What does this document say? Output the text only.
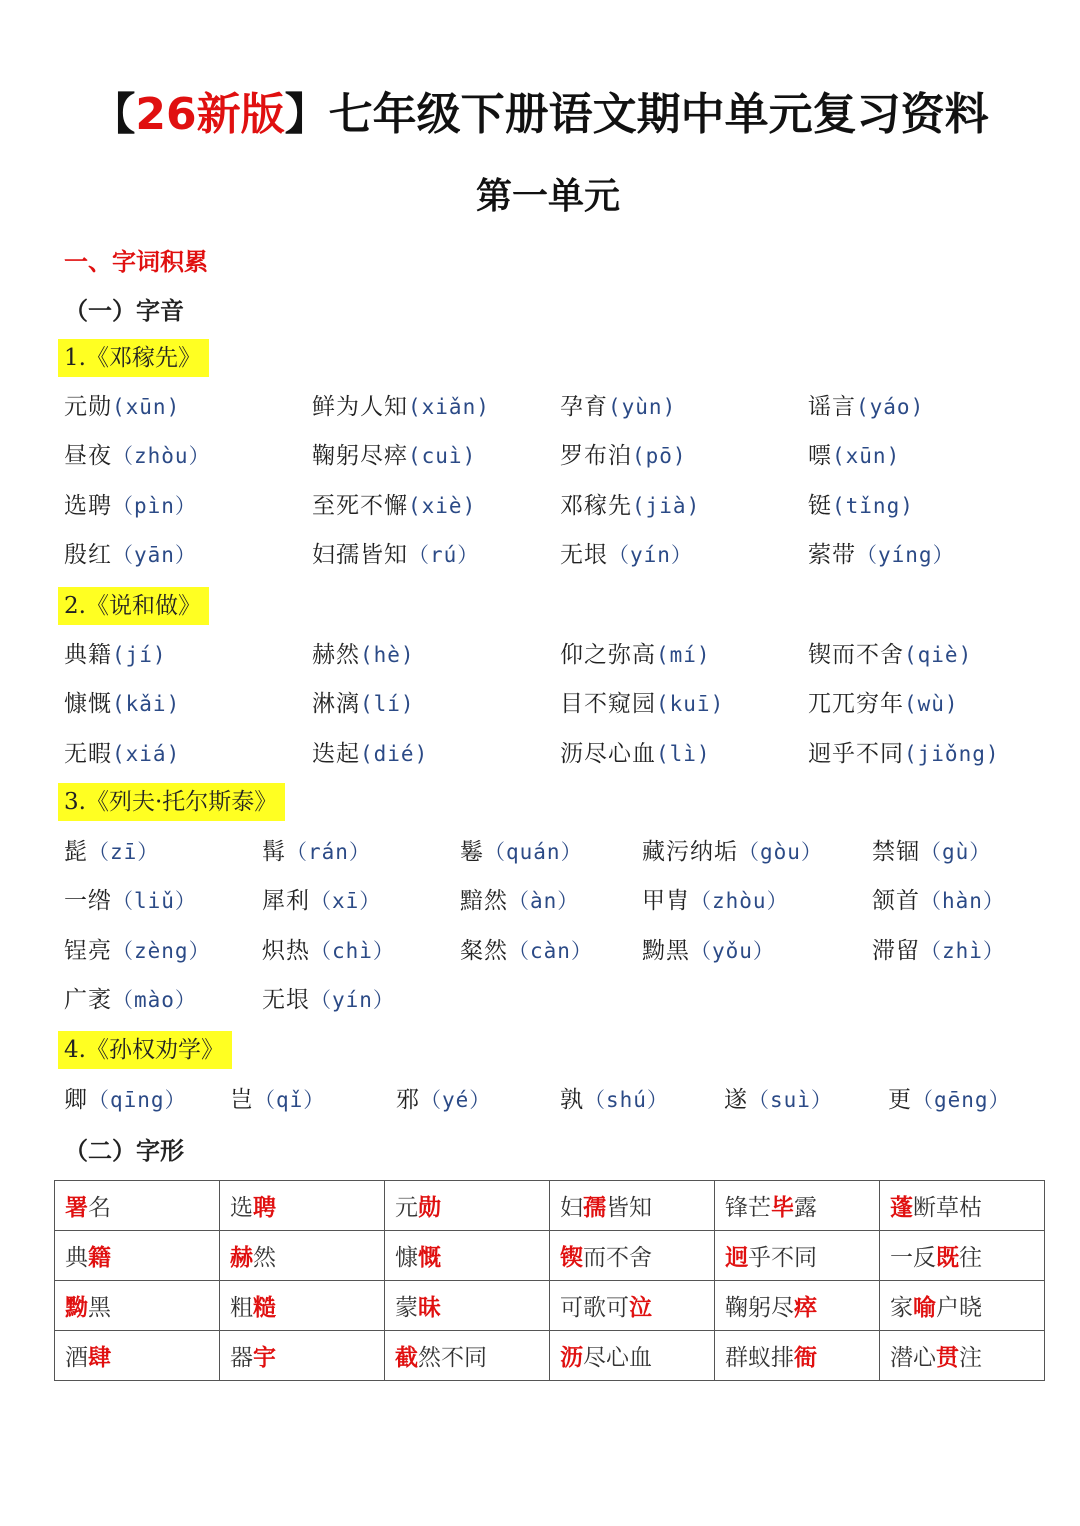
【26新版】七年级下册语文期中单元复习资料
第一单元
一、字词积累
（一）字音
1.《邓稼先》
元勋(xūn)	鲜为人知(xiǎn)	孕育(yùn)	谣言(yáo)
昼夜（zhòu）	鞠躬尽瘁(cuì)	罗布泊(pō)	嘌(xūn)
选聘（pìn）	至死不懈(xiè)	邓稼先(jià)	铤(tǐng)
殷红（yān）	妇孺皆知（rú）	无垠（yín）	萦带（yíng）
2.《说和做》
典籍(jí)	赫然(hè)	仰之弥高(mí)	锲而不舍(qiè)
慷慨(kǎi)	淋漓(lí)	目不窥园(kuī)	兀兀穷年(wù)
无暇(xiá)	迭起(dié)	沥尽心血(lì)	迥乎不同(jiǒng)
3.《列夫·托尔斯泰》
髭（zī）	髯（rán）	鬈（quán）	藏污纳垢（gòu） 禁锢（gù）
一绺（liǔ）	犀利（xī）	黯然（àn）	甲胄（zhòu）	颔首（hàn）
锃亮（zèng） 炽热（chì）	粲然（càn） 黝黑（yǒu）	滞留（zhì）
广袤（mào）	无垠（yín）
4.《孙权劝学》
卿（qīng） 岂（qǐ）	邪（yé）	孰（shú） 遂（suì） 更（gēng）
（二）字形
署名	选聘	元勋	妇孺皆知	锋芒毕露	蓬断草枯
典籍	赫然	慷慨	锲而不舍	迥乎不同	一反既往
黝黑	粗糙	蒙昧	可歌可泣	鞠躬尽瘁	家喻户晓
酒肆	器宇	截然不同	沥尽心血	群蚁排衙	潜心贯注
